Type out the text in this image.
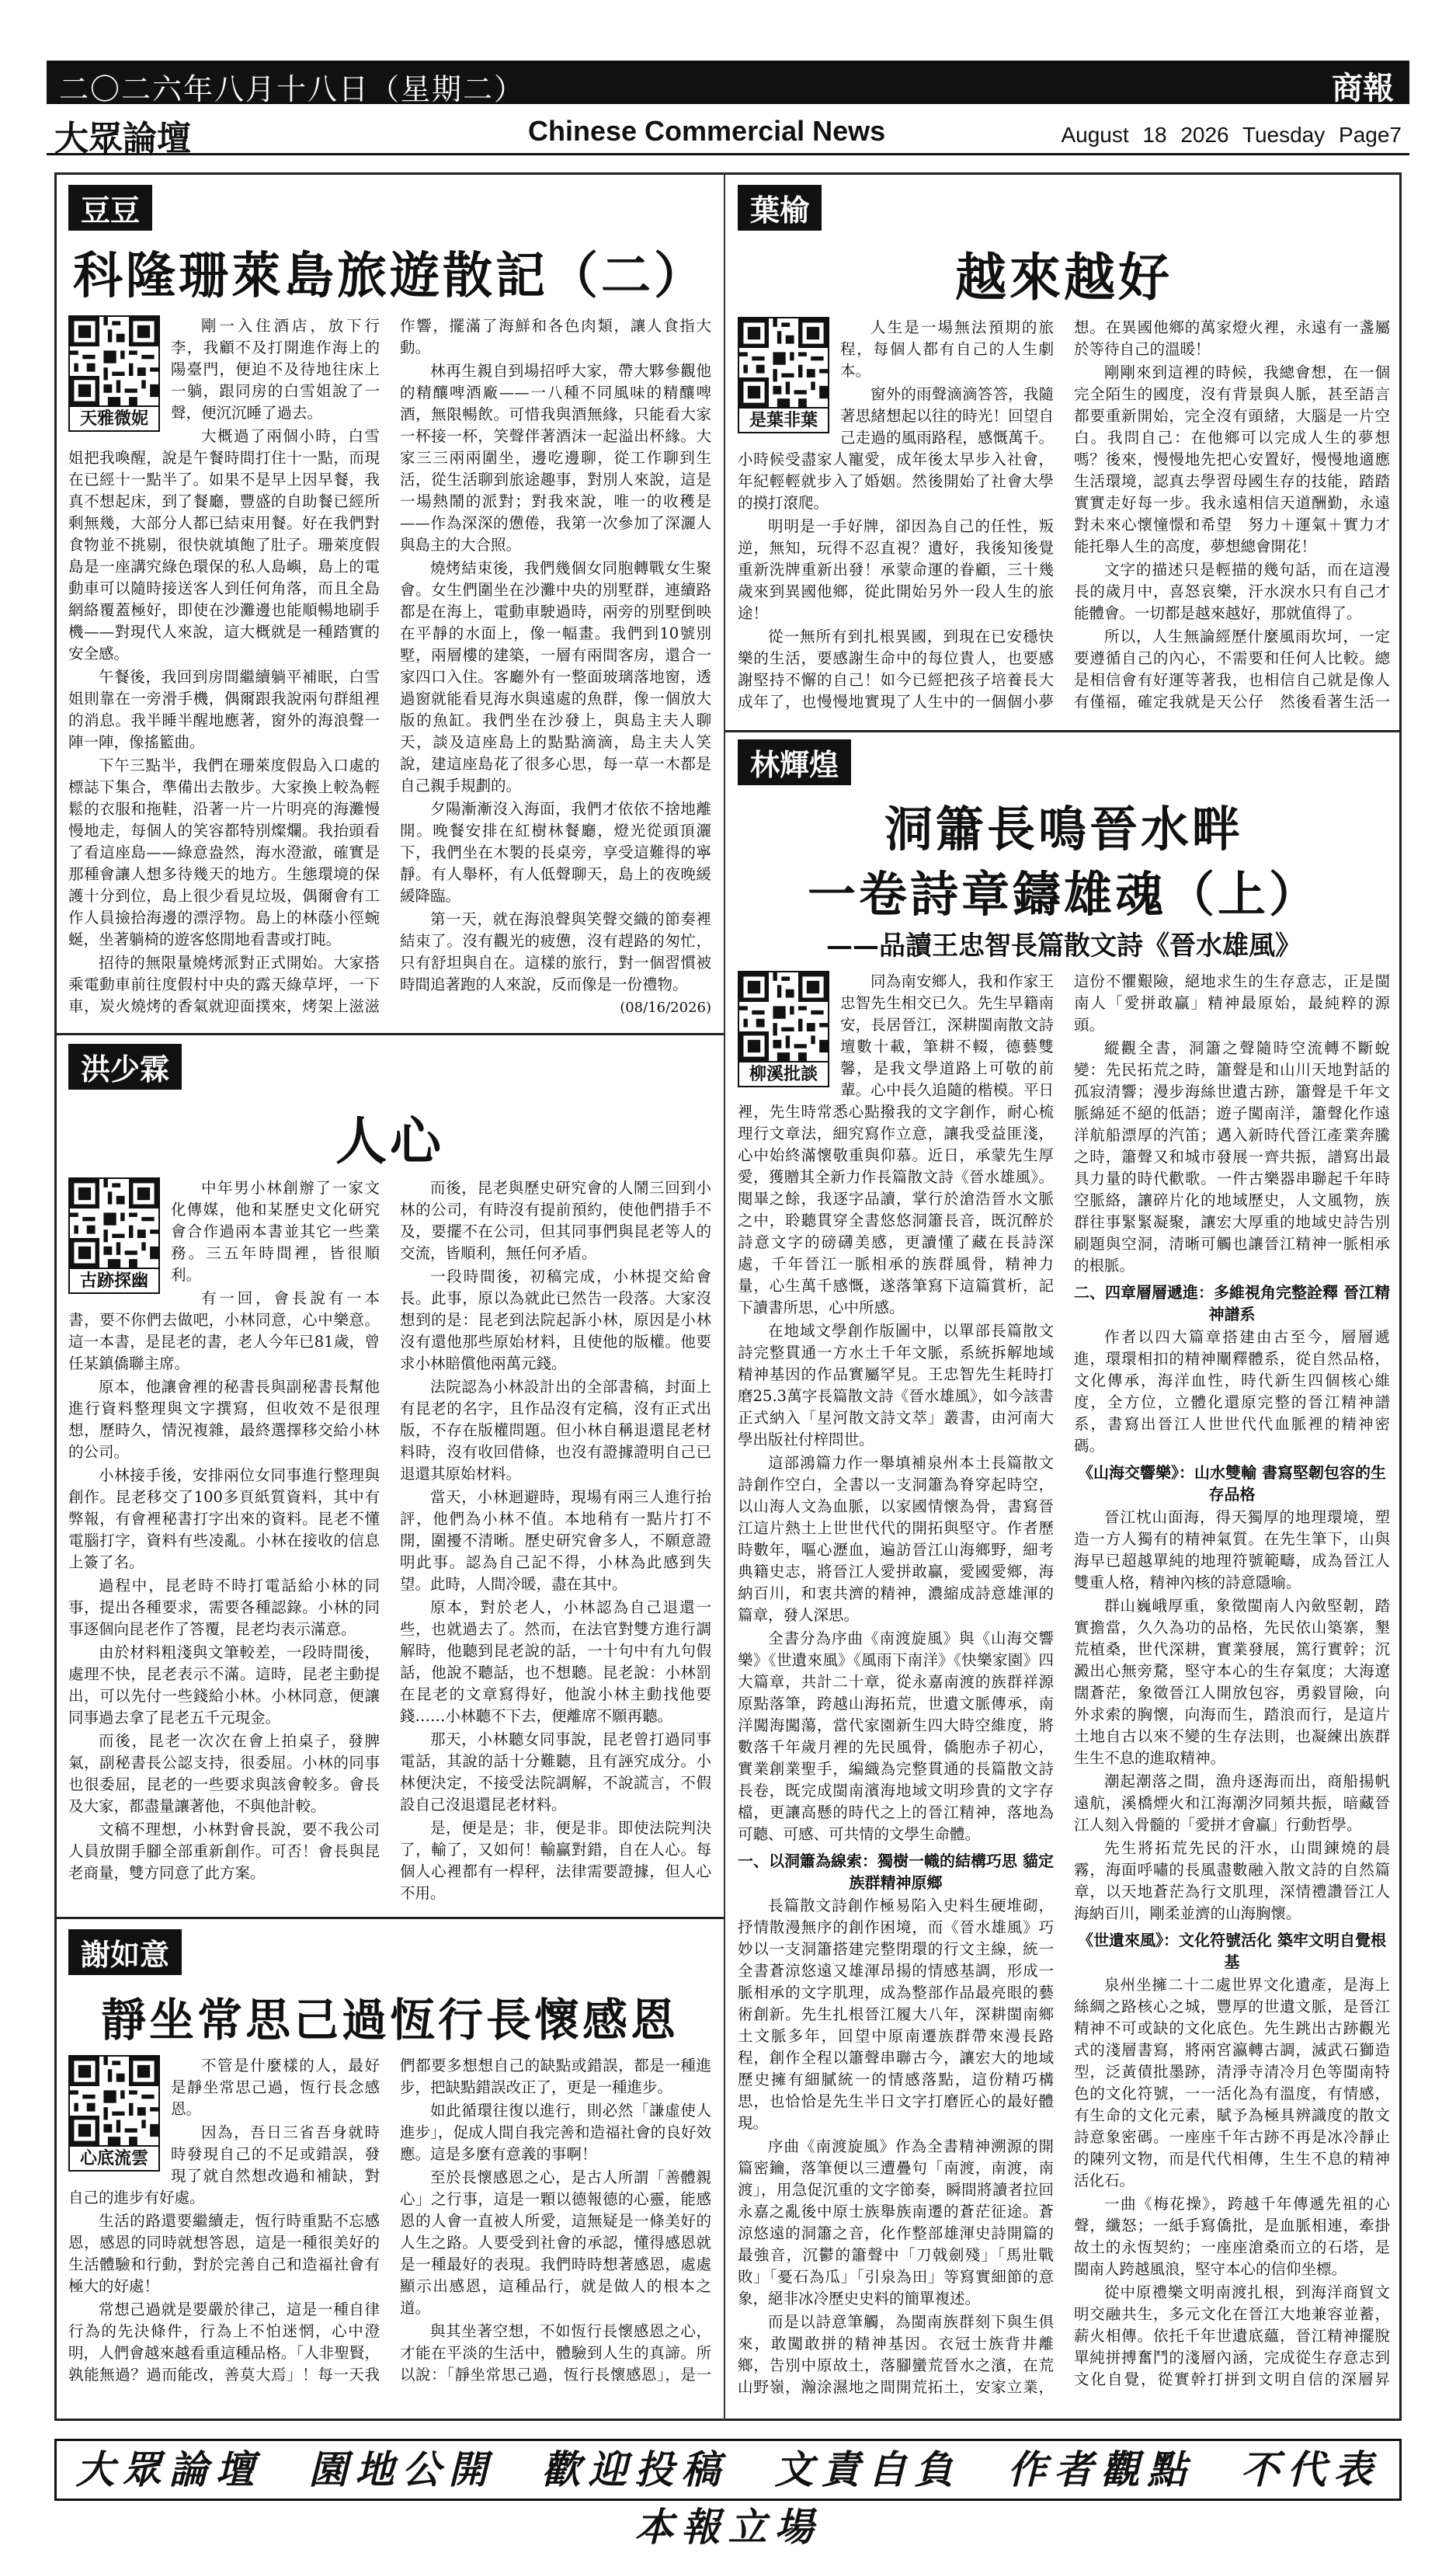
二〇二六年八月十八日（星期二）	商報
大眾論壇	Chinese Commercial News	August 18 2026 Tuesday Page7
豆豆
科隆珊萊島旅遊散記（二）
天雅微妮

剛一入住酒店，放下行李，我顧不及打開進作海上的陽臺門，便迫不及待地往床上一躺，跟同房的白雪姐說了一聲，便沉沉睡了過去。

大概過了兩個小時，白雪姐把我喚醒，說是午餐時間打住十一點，而現在已經十一點半了。如果不是早上因早餐，我真不想起床，到了餐廳，豐盛的自助餐已經所剩無幾，大部分人都已結束用餐。好在我們對食物並不挑剔，很快就填飽了肚子。珊萊度假島是一座講究綠色環保的私人島嶼，島上的電動車可以隨時接送客人到任何角落，而且全島網絡覆蓋極好，即使在沙灘邊也能順暢地刷手機——對現代人來說，這大概就是一種踏實的安全感。

午餐後，我回到房間繼續躺平補眠，白雪姐則靠在一旁滑手機，偶爾跟我說兩句群組裡的消息。我半睡半醒地應著，窗外的海浪聲一陣一陣，像搖籃曲。

下午三點半，我們在珊萊度假島入口處的標誌下集合，準備出去散步。大家換上較為輕鬆的衣服和拖鞋，沿著一片一片明亮的海灘慢慢地走，每個人的笑容都特別燦爛。我抬頭看了看這座島——綠意盎然，海水澄澈，確實是那種會讓人想多待幾天的地方。生態環境的保護十分到位，島上很少看見垃圾，偶爾會有工作人員撿拾海邊的漂浮物。島上的林蔭小徑蜿蜒，坐著躺椅的遊客悠閒地看書或打盹。

招待的無限量燒烤派對正式開始。大家搭乘電動車前往度假村中央的露天綠草坪，一下車，炭火燒烤的香氣就迎面撲來，烤架上滋滋作響，擺滿了海鮮和各色肉類，讓人食指大動。

林再生親自到場招呼大家，帶大夥參觀他的精釀啤酒廠——一八種不同風味的精釀啤酒，無限暢飲。可惜我與酒無緣，只能看大家一杯接一杯，笑聲伴著酒沫一起溢出杯緣。大家三三兩兩圍坐，邊吃邊聊，從工作聊到生活，從生活聊到旅途趣事，對別人來說，這是一場熱鬧的派對；對我來說，唯一的收穫是——作為深深的憊倦，我第一次參加了深灑人與島主的大合照。

燒烤結束後，我們幾個女同胞轉戰女生聚會。女生們圍坐在沙灘中央的別墅群，連續路都是在海上，電動車駛過時，兩旁的別墅倒映在平靜的水面上，像一幅畫。我們到10號別墅，兩層樓的建築，一層有兩間客房，還合一家四口入住。客廳外有一整面玻璃落地窗，透過窗就能看見海水與遠處的魚群，像一個放大版的魚缸。我們坐在沙發上，與島主夫人聊天，談及這座島上的點點滴滴，島主夫人笑說，建這座島花了很多心思，每一草一木都是自己親手規劃的。

夕陽漸漸沒入海面，我們才依依不捨地離開。晚餐安排在紅樹林餐廳，燈光從頭頂灑下，我們坐在木製的長桌旁，享受這難得的寧靜。有人舉杯，有人低聲聊天，島上的夜晚緩緩降臨。

第一天，就在海浪聲與笑聲交織的節奏裡結束了。沒有觀光的疲憊，沒有趕路的匆忙，只有舒坦與自在。這樣的旅行，對一個習慣被時間追著跑的人來說，反而像是一份禮物。

(08/16/2026)

洪少霖
人心
古跡探幽

中年男小林創辦了一家文化傳媒，他和某歷史文化研究會合作過兩本書並其它一些業務。三五年時間裡，皆很順利。

有一回，會長說有一本書，要不你們去做吧，小林同意，心中樂意。這一本書，是昆老的書，老人今年已81歲，曾任某鎮僑聯主席。

原本，他讓會裡的秘書長與副秘書長幫他進行資料整理與文字撰寫，但收效不是很理想，歷時久，情況複雜，最終選擇移交給小林的公司。

小林接手後，安排兩位女同事進行整理與創作。昆老移交了100多頁紙質資料，其中有弊報，有會裡秘書打字出來的資料。昆老不懂電腦打字，資料有些凌亂。小林在接收的信息上簽了名。

過程中，昆老時不時打電話給小林的同事，提出各種要求，需要各種認錄。小林的同事逐個向昆老作了答覆，昆老均表示滿意。

由於材料粗淺與文筆較差，一段時間後，處理不快，昆老表示不滿。這時，昆老主動提出，可以先付一些錢給小林。小林同意，便讓同事過去拿了昆老五千元現金。

而後，昆老一次次在會上拍桌子，發脾氣，副秘書長公認支持，很委屈。小林的同事也很委屈，昆老的一些要求與該會較多。會長及大家，都盡量讓著他，不與他計較。

文稿不理想，小林對會長說，要不我公司人員放開手腳全部重新創作。可否！會長與昆老商量，雙方同意了此方案。

而後，昆老與歷史研究會的人鬧三回到小林的公司，有時沒有提前預約，使他們措手不及，要擺不在公司，但其同事們與昆老等人的交流，皆順利，無任何矛盾。

一段時間後，初稿完成，小林提交給會長。此事，原以為就此已然告一段落。大家沒想到的是：昆老到法院起訴小林，原因是小林沒有還他那些原始材料，且使他的版權。他要求小林賠償他兩萬元錢。

法院認為小林設計出的全部書稿，封面上有昆老的名字，且作品沒有定稿，沒有正式出版，不存在版權問題。但小林自稱退還昆老材料時，沒有收回借條，也沒有證據證明自己已退還其原始材料。

當天，小林迴避時，現場有兩三人進行抬評，他們為小林不值。本地稍有一點片打不開，圍擾不清晰。歷史研究會多人，不願意證明此事。認為自己記不得，小林為此感到失望。此時，人間冷暖，盡在其中。

原本，對於老人，小林認為自己退還一些，也就過去了。然而，在法官對雙方進行調解時，他聽到昆老說的話，一十句中有九句假話，他說不聽話，也不想聽。昆老說：小林罰在昆老的文章寫得好，他說小林主動找他要錢……小林聽不下去，便離席不願再聽。

那天，小林聽女同事說，昆老曾打過同事電話，其說的話十分難聽，且有誣究成分。小林便決定，不接受法院調解，不說謊言，不假設自己沒退還昆老材料。

是，便是是；非，便是非。即使法院判決了，輸了，又如何！輸贏對錯，自在人心。每個人心裡都有一桿秤，法律需要證據，但人心不用。

謝如意
靜坐常思己過恆行長懷感恩
心底流雲

不管是什麼樣的人，最好是靜坐常思己過，恆行長念感恩。

因為，吾日三省吾身就時時發現自己的不足或錯誤，發現了就自然想改過和補缺，對自己的進步有好處。

生活的路還要繼續走，恆行時重點不忘感恩，感恩的同時就想答恩，這是一種很美好的生活體驗和行動，對於完善自己和造福社會有極大的好處！

常想己過就是要嚴於律己，這是一種自律行為的先決條件，行為上不怕迷惘，心中澄明，人們會越來越看重這種品格。「人非聖賢，孰能無過？過而能改，善莫大焉」！每一天我們都要多想想自己的缺點或錯誤，都是一種進步，把缺點錯誤改正了，更是一種進步。

如此循環往復以進行，則必然「謙虛使人進步」，促成人間自我完善和造福社會的良好效應。這是多麼有意義的事啊！

至於長懷感恩之心，是古人所謂「善體親心」之行事，這是一顆以德報德的心靈，能感恩的人會一直被人所愛，這無疑是一條美好的人生之路。人要受到社會的承認，懂得感恩就是一種最好的表現。我們時時想著感恩，處處顯示出感恩，這種品行，就是做人的根本之道。

與其坐著空想，不如恆行長懷感恩之心，才能在平淡的生活中，體驗到人生的真諦。所以說：「靜坐常思己過，恆行長懷感恩」，是一

葉榆
越來越好
是葉非葉

人生是一場無法預期的旅程，每個人都有自己的人生劇本。

窗外的雨聲滴滴答答，我隨著思緒想起以往的時光！回望自己走過的風雨路程，感慨萬千。小時候受盡家人寵愛，成年後太早步入社會，年紀輕輕就步入了婚姻。然後開始了社會大學的摸打滾爬。

明明是一手好牌，卻因為自己的任性，叛逆，無知，玩得不忍直視？遺好，我後知後覺重新洗牌重新出發！承蒙命運的眷顧，三十幾歲來到異國他鄉，從此開始另外一段人生的旅途！

從一無所有到扎根異國，到現在已安穩快樂的生活，要感謝生命中的每位貴人，也要感謝堅持不懈的自己！如今已經把孩子培養長大成年了，也慢慢地實現了人生中的一個個小夢想。在異國他鄉的萬家燈火裡，永遠有一盞屬於等待自己的溫暖！

剛剛來到這裡的時候，我總會想，在一個完全陌生的國度，沒有背景與人脈，甚至語言都要重新開始，完全沒有頭緒，大腦是一片空白。我問自己：在他鄉可以完成人生的夢想嗎？後來，慢慢地先把心安置好，慢慢地適應生活環境，認真去學習母國生存的技能，踏踏實實走好每一步。我永遠相信天道酬勤，永遠對未來心懷憧憬和希望　努力＋運氣＋實力才能托舉人生的高度，夢想總會開花！

文字的描述只是輕描的幾句話，而在這漫長的歲月中，喜怒哀樂，汗水淚水只有自己才能體會。一切都是越來越好，那就值得了。

所以，人生無論經歷什麼風雨坎坷，一定要遵循自己的內心，不需要和任何人比較。總是相信會有好運等著我，也相信自己就是像人有僅福，確定我就是天公仔　然後看著生活一

林輝煌
洞簫長鳴晉水畔
一卷詩章鑄雄魂（上）
——品讀王忠智長篇散文詩《晉水雄風》
柳溪批談

同為南安鄉人，我和作家王忠智先生相交已久。先生早籍南安，長居晉江，深耕閩南散文詩壇數十載，筆耕不輟，德藝雙馨，是我文學道路上可敬的前輩。心中長久追隨的楷模。平日裡，先生時常悉心點撥我的文字創作，耐心梳理行文章法，細究寫作立意，讓我受益匪淺，心中始終滿懷敬重與仰慕。近日，承蒙先生厚愛，獲贈其全新力作長篇散文詩《晉水雄風》。閱畢之餘，我逐字品讀，掌行於滄浩晉水文脈之中，聆聽貫穿全書悠悠洞簫長音，既沉醉於詩意文字的磅礴美感，更讀懂了藏在長詩深處，千年晉江一脈相承的族群風骨，精神力量，心生萬千感慨，遂落筆寫下這篇賞析，記下讀書所思，心中所感。

在地域文學創作版圖中，以單部長篇散文詩完整貫通一方水土千年文脈，系統拆解地域精神基因的作品實屬罕見。王忠智先生耗時打磨25.3萬字長篇散文詩《晉水雄風》，如今該書正式納入「星河散文詩文萃」叢書，由河南大學出版社付梓問世。

這部鴻篇力作一舉填補泉州本土長篇散文詩創作空白，全書以一支洞簫為脊穿起時空，以山海人文為血脈，以家國情懷為骨，書寫晉江這片熱土上世世代代的開拓與堅守。作者歷時數年，嘔心瀝血，遍訪晉江山海鄉野，細考典籍史志，將晉江人愛拼敢贏，愛國愛鄉，海納百川，和衷共濟的精神，濃縮成詩意雄渾的篇章，發人深思。

全書分為序曲《南渡旋風》與《山海交響樂》《世遺來風》《風雨下南洋》《快樂家園》四大篇章，共計二十章，從永嘉南渡的族群祥源原點落筆，跨越山海拓荒，世遺文脈傳承，南洋闖海闖蕩，當代家園新生四大時空維度，將數落千年歲月裡的先民風骨，僑胞赤子初心，實業創業聖手，編織為完整貫通的長篇散文詩長卷，既完成閩南濱海地域文明珍貴的文字存檔，更讓高懸的時代之上的晉江精神，落地為可聽、可感、可共情的文學生命體。

一、以洞簫為線索：獨樹一幟的結構巧思 貓定族群精神原鄉

長篇散文詩創作極易陷入史料生硬堆砌，抒情散漫無序的創作困境，而《晉水雄風》巧妙以一支洞簫搭建完整閉環的行文主線，統一全書蒼涼悠遠又雄渾昂揚的情感基調，形成一脈相承的文字肌理，成為整部作品最亮眼的藝術創新。先生扎根晉江履大八年，深耕閩南鄉土文脈多年，回望中原南遷族群帶來漫長路程，創作全程以簫聲串聯古今，讓宏大的地域歷史擁有細膩統一的情感落點，這份精巧構思，也恰恰是先生半日文字打磨匠心的最好體現。

序曲《南渡旋風》作為全書精神溯源的開篇密鑰，落筆便以三遭疊句「南渡，南渡，南渡」，用急促沉重的文字節奏，瞬間將讀者拉回永嘉之亂後中原士族舉族南遷的蒼茫征途。蒼涼悠遠的洞簫之音，化作整部雄渾史詩開篇的最強音，沉鬱的簫聲中「刀戟劍殘」「馬壯戰敗」「憂石為瓜」「引泉為田」等寫實細節的意象，絕非冰冷歷史史料的簡單複述。

而是以詩意筆觸，為閩南族群刻下與生俱來，敢闖敢拼的精神基因。衣冠士族背井離鄉，告別中原故土，落腳蠻荒晉水之濱，在荒山野嶺，瀚涂濕地之間開荒拓土，安家立業，這份不懼艱險，絕地求生的生存意志，正是閩南人「愛拼敢贏」精神最原始，最純粹的源頭。

縱觀全書，洞簫之聲隨時空流轉不斷蛻變：先民拓荒之時，簫聲是和山川天地對話的孤寂清響；漫步海絲世遺古跡，簫聲是千年文脈綿延不絕的低語；遊子闖南洋，簫聲化作遠洋航船漂厚的汽笛；邁入新時代晉江產業奔騰之時，簫聲又和城市發展一齊共振，譜寫出最具力量的時代歡歌。一件古樂器串聯起千年時空脈絡，讓碎片化的地域歷史，人文風物，族群往事緊緊凝聚，讓宏大厚重的地域史詩告別刷題與空洞，清晰可觸也讓晉江精神一脈相承的根脈。

二、四章層層遞進：多維視角完整詮釋 晉江精神譜系

作者以四大篇章搭建由古至今，層層遞進，環環相扣的精神闡釋體系，從自然品格，文化傳承，海洋血性，時代新生四個核心維度，全方位，立體化還原完整的晉江精神譜系，書寫出晉江人世世代代血脈裡的精神密碼。

《山海交響樂》：山水雙輸 書寫堅韌包容的生存品格

晉江枕山面海，得天獨厚的地理環境，塑造一方人獨有的精神氣質。在先生筆下，山與海早已超越單純的地理符號範疇，成為晉江人雙重人格，精神內核的詩意隱喻。

群山巍峨厚重，象徵閩南人內斂堅韌，踏實擔當，久久為功的品格，先民依山築寨，墾荒植桑，世代深耕，實業發展，篤行實幹；沉澱出心無旁騖，堅守本心的生存氣度；大海遼闊蒼茫，象徵晉江人開放包容，勇毅冒險，向外求索的胸懷，向海而生，踏浪而行，是這片土地自古以來不變的生存法則，也凝練出族群生生不息的進取精神。

潮起潮落之間，漁舟逐海而出，商船揚帆遠航，溪橋煙火和江海潮汐同頻共振，暗藏晉江人刻入骨髓的「愛拼才會贏」行動哲學。

先生將拓荒先民的汗水，山間鍊燒的晨霧，海面呼嘯的長風盡數融入散文詩的自然篇章，以天地蒼茫為行文肌理，深情禮讚晉江人海納百川，剛柔並濟的山海胸懷。

《世遺來風》：文化符號活化 築牢文明自覺根基

泉州坐擁二十二處世界文化遺產，是海上絲綢之路核心之城，豐厚的世遺文脈，是晉江精神不可或缺的文化底色。先生跳出古跡觀光式的淺層書寫，將兩宮瀛轉古調，滅武石獅造型，泛黃債批墨跡，清淨寺清冷月色等閩南特色的文化符號，一一活化為有溫度，有情感，有生命的文化元素，賦予為極具辨識度的散文詩意象密碼。一座座千年古跡不再是冰冷靜止的陳列文物，而是代代相傳，生生不息的精神活化石。

一曲《梅花操》，跨越千年傳遞先祖的心聲，纖怒；一紙手寫僑批，是血脈相連，牽掛故土的永恆契約；一座座滄桑而立的石塔，是閩南人跨越風浪，堅守本心的信仰坐標。

從中原禮樂文明南渡扎根，到海洋商貿文明交融共生，多元文化在晉江大地兼容並蓄，薪火相傳。依托千年世遺底蘊，晉江精神擺脫單純拼搏奮鬥的淺層內涵，完成從生存意志到文化自覺，從實幹打拼到文明自信的深層昇

大眾論壇　園地公開　歡迎投稿　文責自負　作者觀點　不代表本報立場
